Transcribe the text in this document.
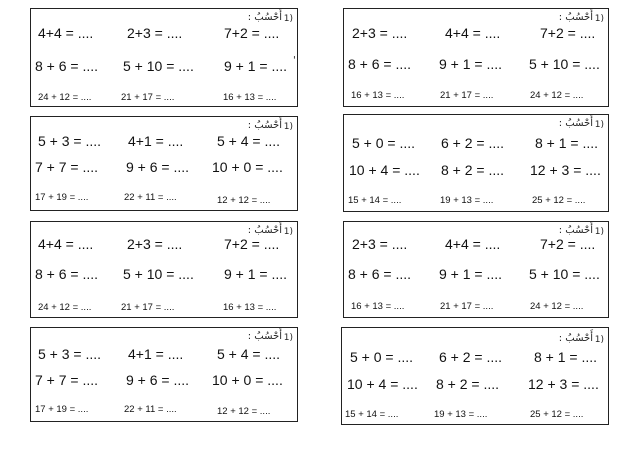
1)
أَحْسُبُ :
4+4 = .... 2+3 = ....	7+2 = ....
8 + 6 = .... 5 + 10 = .... 9 + 1 = .... '
24 + 12 = ....	21 + 17 = ....	16 + 13 = ....
1)
أَحْسُبُ :
2+3 = ....	4+4 = ....	7+2 = ....
8 + 6 = .... 9 + 1 = .... 5 + 10 = ....
16 + 13 = ....	21 + 17 = ....	24 + 12 = ....
1)
أَحْسُبُ :
5 + 3 = .... 4+1 = .... 5 + 4 = ....
7 + 7 = .... 9 + 6 = .... 10 + 0 = ....
17 + 19 = ....	22 + 11 = ....	12 + 12 = ....
1)
أَحْسُبُ :
5 + 0 = .... 6 + 2 = .... 8 + 1 = ....
10 + 4 = .... 8 + 2 = .... 12 + 3 = ....
15 + 14 = ....	19 + 13 = ....	25 + 12 = ....
1)
أَحْسُبُ :
4+4 = .... 2+3 = ....	7+2 = ....
8 + 6 = .... 5 + 10 = .... 9 + 1 = ....
24 + 12 = ....	21 + 17 = ....	16 + 13 = ....
1)
أَحْسُبُ :
2+3 = ....	4+4 = ....	7+2 = ....
8 + 6 = .... 9 + 1 = .... 5 + 10 = ....
16 + 13 = ....	21 + 17 = ....	24 + 12 = ....
1)
أَحْسُبُ :
5 + 3 = .... 4+1 = .... 5 + 4 = ....
7 + 7 = .... 9 + 6 = .... 10 + 0 = ....
17 + 19 = ....	22 + 11 = ....	12 + 12 = ....
1)
أَحْسُبُ :
5 + 0 = .... 6 + 2 = .... 8 + 1 = ....
10 + 4 = .... 8 + 2 = .... 12 + 3 = ....
15 + 14 = ....	19 + 13 = ....	25 + 12 = ....
